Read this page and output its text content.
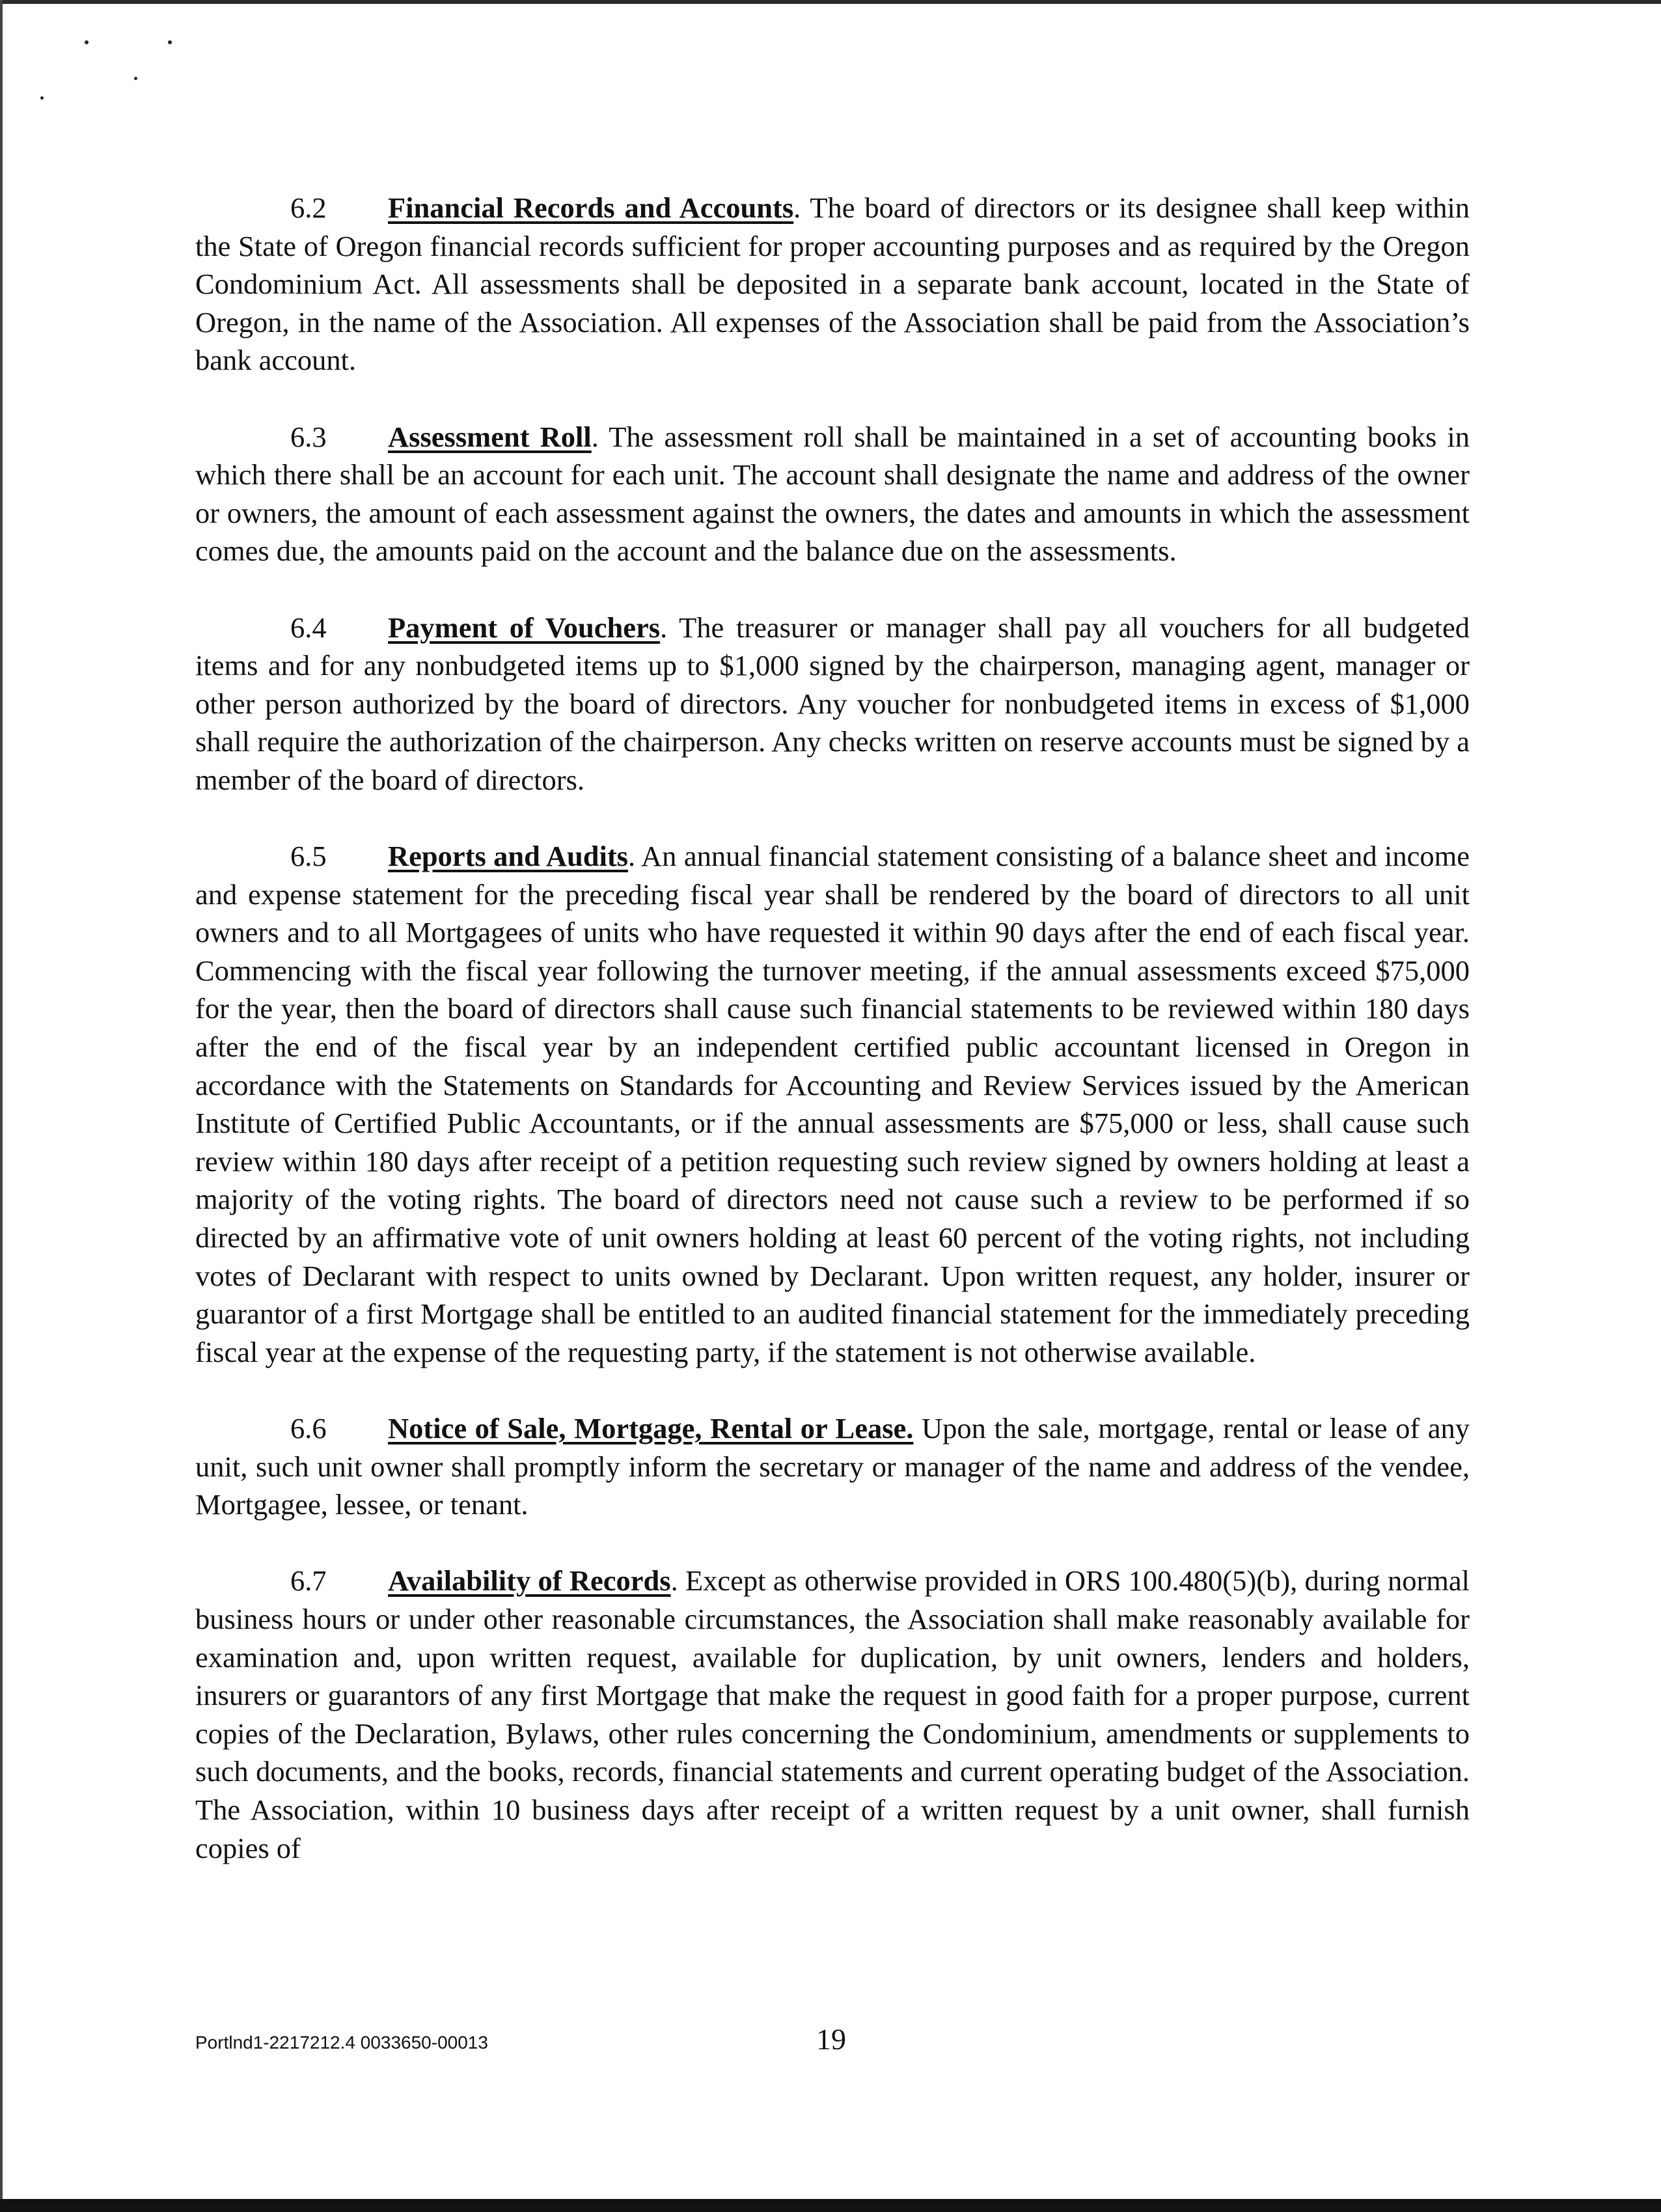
6.2 Financial Records and Accounts. The board of directors or its designee shall keep within the State of Oregon financial records sufficient for proper accounting purposes and as required by the Oregon Condominium Act. All assessments shall be deposited in a separate bank account, located in the State of Oregon, in the name of the Association. All expenses of the Association shall be paid from the Association’s bank account.

6.3 Assessment Roll. The assessment roll shall be maintained in a set of accounting books in which there shall be an account for each unit. The account shall designate the name and address of the owner or owners, the amount of each assessment against the owners, the dates and amounts in which the assessment comes due, the amounts paid on the account and the balance due on the assessments.

6.4 Payment of Vouchers. The treasurer or manager shall pay all vouchers for all budgeted items and for any nonbudgeted items up to $1,000 signed by the chairperson, managing agent, manager or other person authorized by the board of directors. Any voucher for nonbudgeted items in excess of $1,000 shall require the authorization of the chairperson. Any checks written on reserve accounts must be signed by a member of the board of directors.

6.5 Reports and Audits. An annual financial statement consisting of a balance sheet and income and expense statement for the preceding fiscal year shall be rendered by the board of directors to all unit owners and to all Mortgagees of units who have requested it within 90 days after the end of each fiscal year. Commencing with the fiscal year following the turnover meeting, if the annual assessments exceed $75,000 for the year, then the board of directors shall cause such financial statements to be reviewed within 180 days after the end of the fiscal year by an independent certified public accountant licensed in Oregon in accordance with the Statements on Standards for Accounting and Review Services issued by the American Institute of Certified Public Accountants, or if the annual assessments are $75,000 or less, shall cause such review within 180 days after receipt of a petition requesting such review signed by owners holding at least a majority of the voting rights. The board of directors need not cause such a review to be performed if so directed by an affirmative vote of unit owners holding at least 60 percent of the voting rights, not including votes of Declarant with respect to units owned by Declarant. Upon written request, any holder, insurer or guarantor of a first Mortgage shall be entitled to an audited financial statement for the immediately preceding fiscal year at the expense of the requesting party, if the statement is not otherwise available.

6.6 Notice of Sale, Mortgage, Rental or Lease. Upon the sale, mortgage, rental or lease of any unit, such unit owner shall promptly inform the secretary or manager of the name and address of the vendee, Mortgagee, lessee, or tenant.

6.7 Availability of Records. Except as otherwise provided in ORS 100.480(5)(b), during normal business hours or under other reasonable circumstances, the Association shall make reasonably available for examination and, upon written request, available for duplication, by unit owners, lenders and holders, insurers or guarantors of any first Mortgage that make the request in good faith for a proper purpose, current copies of the Declaration, Bylaws, other rules concerning the Condominium, amendments or supplements to such documents, and the books, records, financial statements and current operating budget of the Association. The Association, within 10 business days after receipt of a written request by a unit owner, shall furnish copies of

Portlnd1-2217212.4 0033650-00013	19
